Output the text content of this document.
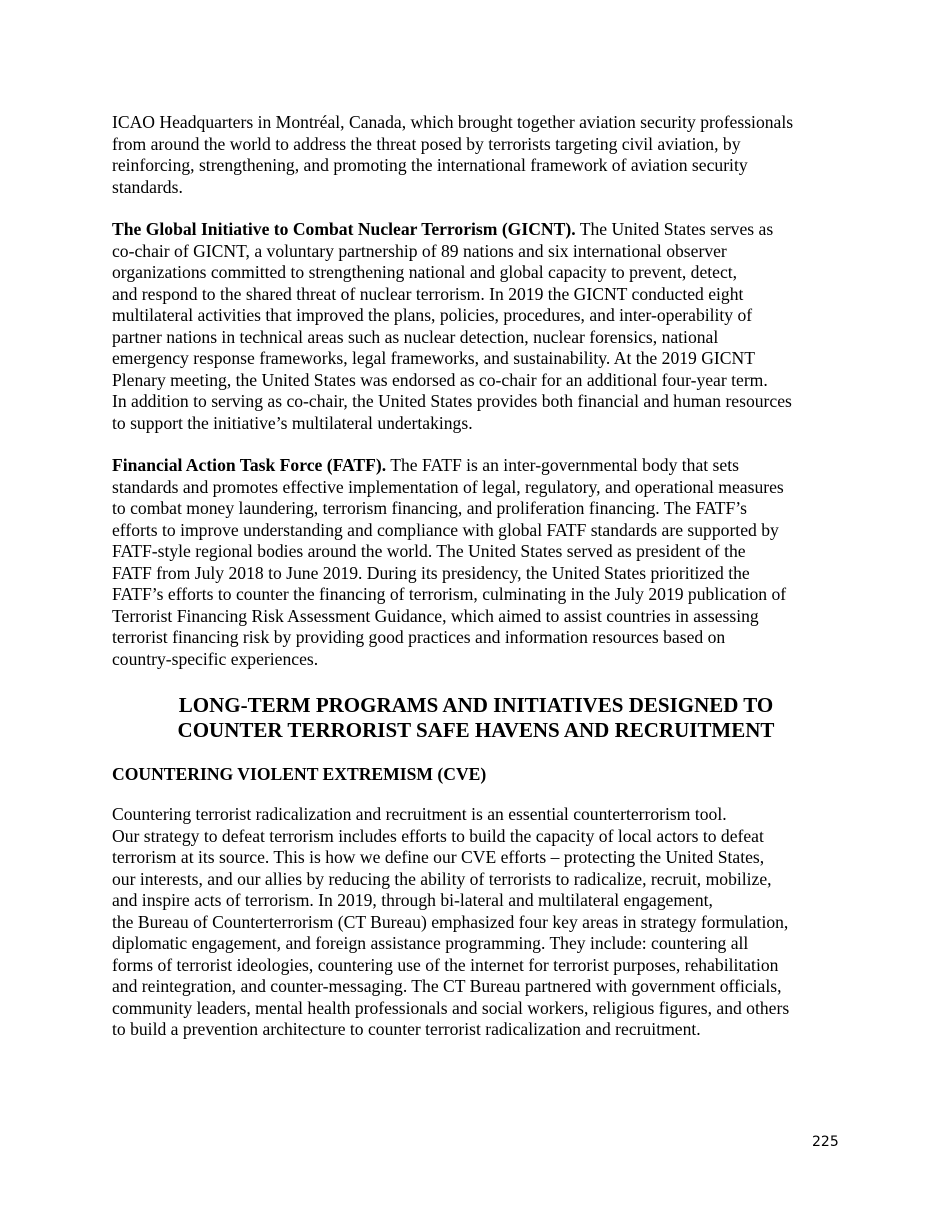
ICAO Headquarters in Montréal, Canada, which brought together aviation security professionals
from around the world to address the threat posed by terrorists targeting civil aviation, by
reinforcing, strengthening, and promoting the international framework of aviation security
standards.

The Global Initiative to Combat Nuclear Terrorism (GICNT). The United States serves as
co-chair of GICNT, a voluntary partnership of 89 nations and six international observer
organizations committed to strengthening national and global capacity to prevent, detect,
and respond to the shared threat of nuclear terrorism. In 2019 the GICNT conducted eight
multilateral activities that improved the plans, policies, procedures, and inter-operability of
partner nations in technical areas such as nuclear detection, nuclear forensics, national
emergency response frameworks, legal frameworks, and sustainability. At the 2019 GICNT
Plenary meeting, the United States was endorsed as co-chair for an additional four-year term.
In addition to serving as co-chair, the United States provides both financial and human resources
to support the initiative’s multilateral undertakings.

Financial Action Task Force (FATF). The FATF is an inter-governmental body that sets
standards and promotes effective implementation of legal, regulatory, and operational measures
to combat money laundering, terrorism financing, and proliferation financing. The FATF’s
efforts to improve understanding and compliance with global FATF standards are supported by
FATF-style regional bodies around the world. The United States served as president of the
FATF from July 2018 to June 2019. During its presidency, the United States prioritized the
FATF’s efforts to counter the financing of terrorism, culminating in the July 2019 publication of
Terrorist Financing Risk Assessment Guidance, which aimed to assist countries in assessing
terrorist financing risk by providing good practices and information resources based on
country-specific experiences.

LONG-TERM PROGRAMS AND INITIATIVES DESIGNED TO
COUNTER TERRORIST SAFE HAVENS AND RECRUITMENT
COUNTERING VIOLENT EXTREMISM (CVE)

Countering terrorist radicalization and recruitment is an essential counterterrorism tool.
Our strategy to defeat terrorism includes efforts to build the capacity of local actors to defeat
terrorism at its source. This is how we define our CVE efforts – protecting the United States,
our interests, and our allies by reducing the ability of terrorists to radicalize, recruit, mobilize,
and inspire acts of terrorism. In 2019, through bi-lateral and multilateral engagement,
the Bureau of Counterterrorism (CT Bureau) emphasized four key areas in strategy formulation,
diplomatic engagement, and foreign assistance programming. They include: countering all
forms of terrorist ideologies, countering use of the internet for terrorist purposes, rehabilitation
and reintegration, and counter-messaging. The CT Bureau partnered with government officials,
community leaders, mental health professionals and social workers, religious figures, and others
to build a prevention architecture to counter terrorist radicalization and recruitment.

225
